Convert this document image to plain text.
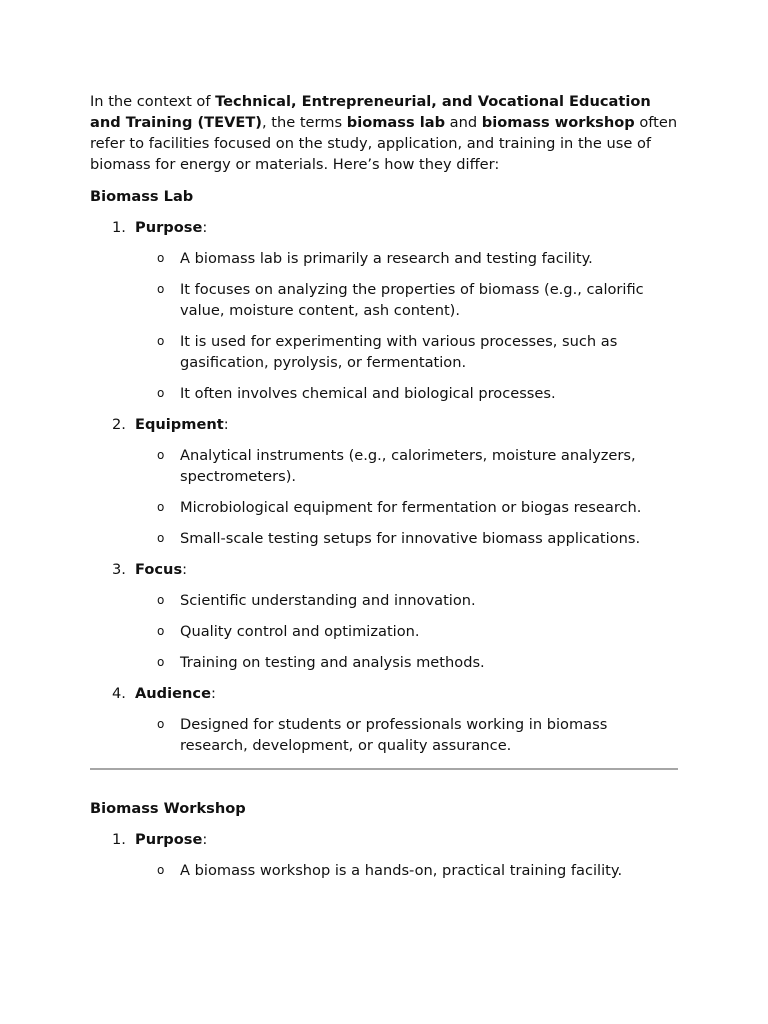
In the context of Technical, Entrepreneurial, and Vocational Education and Training (TEVET), the terms biomass lab and biomass workshop often refer to facilities focused on the study, application, and training in the use of biomass for energy or materials. Here’s how they differ:

Biomass Lab

1. Purpose:
o	A biomass lab is primarily a research and testing facility.
o	It focuses on analyzing the properties of biomass (e.g., calorific value, moisture content, ash content).
o	It is used for experimenting with various processes, such as gasification, pyrolysis, or fermentation.
o	It often involves chemical and biological processes.
2. Equipment:
o	Analytical instruments (e.g., calorimeters, moisture analyzers, spectrometers).
o	Microbiological equipment for fermentation or biogas research.
o	Small-scale testing setups for innovative biomass applications.
3. Focus:
o	Scientific understanding and innovation.
o	Quality control and optimization.
o	Training on testing and analysis methods.
4. Audience:
o	Designed for students or professionals working in biomass research, development, or quality assurance.

Biomass Workshop

1. Purpose:
o	A biomass workshop is a hands-on, practical training facility.
